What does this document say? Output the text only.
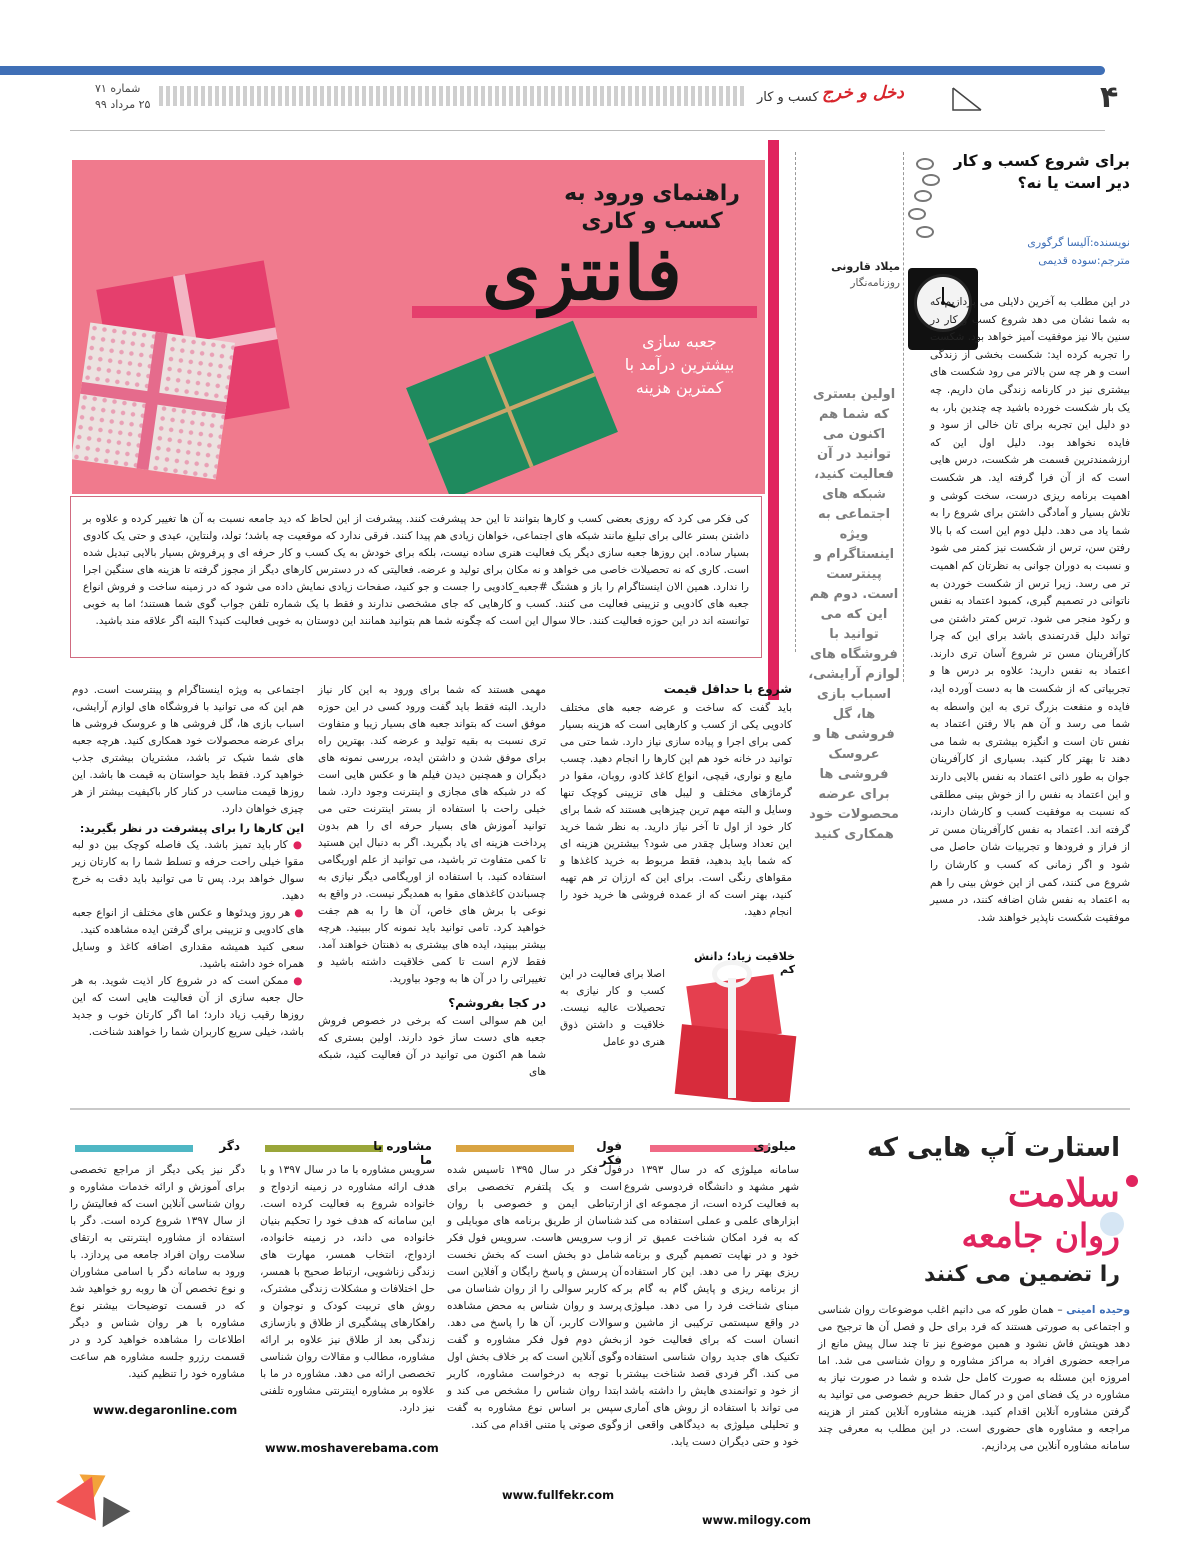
۴
دخل و خرج
کسب و کار
شماره ۷۱
۲۵ مرداد ۹۹
راهنمای ورود به
کسب و کاری
فانتزی
جعبه سازی
بیشترین درآمد با
کمترین هزینه
میلاد قارونی
روزنامه‌نگار
اولین بستری که شما هم اکنون می توانید در آن فعالیت کنید، شبکه های اجتماعی به ویژه اینستاگرام و پینترست است. دوم هم این که می توانید با فروشگاه های لوازم آرایشی، اسباب بازی ها، گل فروشی ها و عروسک فروشی ها برای عرضه محصولات خود همکاری کنید

کی فکر می کرد که روزی بعضی کسب و کارها بتوانند تا این حد پیشرفت کنند. پیشرفت از این لحاظ که دید جامعه نسبت به آن ها تغییر کرده و علاوه بر داشتن بستر عالی برای تبلیغ مانند شبکه های اجتماعی، خواهان زیادی هم پیدا کنند. فرقی ندارد که موقعیت چه باشد؛ تولد، ولنتاین، عیدی و حتی یک کادوی بسیار ساده. این روزها جعبه سازی دیگر یک فعالیت هنری ساده نیست، بلکه برای خودش به یک کسب و کار حرفه ای و پرفروش بسیار بالایی تبدیل شده است. کاری که نه تحصیلات خاصی می خواهد و نه مکان برای تولید و عرضه. فعالیتی که در دسترس کارهای دیگر از مجوز گرفته تا هزینه های سنگین اجرا را ندارد. همین الان اینستاگرام را باز و هشتگ #جعبه_کادویی را جست و جو کنید، صفحات زیادی نمایش داده می شود که در زمینه ساخت و فروش انواع جعبه های کادویی و تزیینی فعالیت می کنند. کسب و کارهایی که جای مشخصی ندارند و فقط با یک شماره تلفن جواب گوی شما هستند؛ اما به خوبی توانسته اند در این حوزه فعالیت کنند. حالا سوال این است که چگونه شما هم بتوانید همانند این دوستان به خوبی فعالیت کنید؟ البته اگر علاقه مند باشید.

شروع با حداقل قیمت

باید گفت که ساخت و عرضه جعبه های مختلف کادویی یکی از کسب و کارهایی است که هزینه بسیار کمی برای اجرا و پیاده سازی نیاز دارد. شما حتی می توانید در خانه خود هم این کارها را انجام دهید. چسب مایع و نواری، قیچی، انواع کاغذ کادو، روبان، مقوا در گرماژهای مختلف و لیبل های تزیینی کوچک تنها وسایل و البته مهم ترین چیزهایی هستند که شما برای کار خود از اول تا آخر نیاز دارید. به نظر شما خرید این تعداد وسایل چقدر می شود؟ بیشترین هزینه ای که شما باید بدهید، فقط مربوط به خرید کاغذها و مقواهای رنگی است. برای این که ارزان تر هم تهیه کنید، بهتر است که از عمده فروشی ها خرید خود را انجام دهید.

خلاقیت زیاد؛ دانش کم

اصلا برای فعالیت در این کسب و کار نیازی به تحصیلات عالیه نیست. خلاقیت و داشتن ذوق هنری دو عامل

مهمی هستند که شما برای ورود به این کار نیاز دارید. البته فقط باید گفت ورود کسی در این حوزه موفق است که بتواند جعبه های بسیار زیبا و متفاوت تری نسبت به بقیه تولید و عرضه کند. بهترین راه برای موفق شدن و داشتن ایده، بررسی نمونه های دیگران و همچنین دیدن فیلم ها و عکس هایی است که در شبکه های مجازی و اینترنت وجود دارد. شما خیلی راحت با استفاده از بستر اینترنت حتی می توانید آموزش های بسیار حرفه ای را هم بدون پرداخت هزینه ای یاد بگیرید. اگر به دنبال این هستید تا کمی متفاوت تر باشید، می توانید از علم اوریگامی استفاده کنید. با استفاده از اوریگامی دیگر نیازی به چسباندن کاغذهای مقوا به همدیگر نیست. در واقع به نوعی با برش های خاص، آن ها را به هم جفت خواهید کرد. تامی توانید باید نمونه کار ببینید. هرچه بیشتر ببینید، ایده های بیشتری به ذهنتان خواهند آمد. فقط لازم است تا کمی خلاقیت داشته باشید و تغییراتی را در آن ها به وجود بیاورید.

در کجا بفروشم؟

این هم سوالی است که برخی در خصوص فروش جعبه های دست ساز خود دارند. اولین بستری که شما هم اکنون می توانید در آن فعالیت کنید، شبکه های

اجتماعی به ویژه اینستاگرام و پینترست است. دوم هم این که می توانید با فروشگاه های لوازم آرایشی، اسباب بازی ها، گل فروشی ها و عروسک فروشی ها برای عرضه محصولات خود همکاری کنید. هرچه جعبه های شما شیک تر باشد، مشتریان بیشتری جذب خواهید کرد. فقط باید حواستان به قیمت ها باشد. این روزها قیمت مناسب در کنار کار باکیفیت بیشتر از هر چیزی خواهان دارد.

این کارها را برای پیشرفت در نظر بگیرید:

● کار باید تمیز باشد. یک فاصله کوچک بین دو لبه مقوا خیلی راحت حرفه و تسلط شما را به کارتان زیر سوال خواهد برد. پس تا می توانید باید دقت به خرج دهید.

● هر روز ویدئوها و عکس های مختلف از انواع جعبه های کادویی و تزیینی برای گرفتن ایده مشاهده کنید.

سعی کنید همیشه مقداری اضافه کاغذ و وسایل همراه خود داشته باشید.

● ممکن است که در شروع کار اذیت شوید. به هر حال جعبه سازی از آن فعالیت هایی است که این روزها رقیب زیاد دارد؛ اما اگر کارتان خوب و جدید باشد، خیلی سریع کاربران شما را خواهند شناخت.

برای شروع کسب و کار
دیر است یا نه؟
نویسنده:آلیسا گرگوری
مترجم:سوده قدیمی

در این مطلب به آخرین دلایلی می پردازیم که به شما نشان می دهد شروع کسب و کار در سنین بالا نیز موفقیت آمیز خواهد بود. شکست را تجربه کرده اید: شکست بخشی از زندگی است و هر چه سن بالاتر می رود شکست های بیشتری نیز در کارنامه زندگی مان داریم. چه یک بار شکست خورده باشید چه چندین بار، به دو دلیل این تجربه برای تان خالی از سود و فایده نخواهد بود. دلیل اول این که ارزشمندترین قسمت هر شکست، درس هایی است که از آن فرا گرفته اید. هر شکست اهمیت برنامه ریزی درست، سخت کوشی و تلاش بسیار و آمادگی داشتن برای شروع را به شما یاد می دهد. دلیل دوم این است که با بالا رفتن سن، ترس از شکست نیز کمتر می شود و نسبت به دوران جوانی به نظرتان کم اهمیت تر می رسد. زیرا ترس از شکست خوردن به ناتوانی در تصمیم گیری، کمبود اعتماد به نفس و رکود منجر می شود. ترس کمتر داشتن می تواند دلیل قدرتمندی باشد برای این که چرا کارآفرینان مسن تر شروع آسان تری دارند. اعتماد به نفس دارید: علاوه بر درس ها و تجربیاتی که از شکست ها به دست آورده اید، فایده و منفعت بزرگ تری به این واسطه به شما می رسد و آن هم بالا رفتن اعتماد به نفس تان است و انگیزه بیشتری به شما می دهند تا بهتر کار کنید. بسیاری از کارآفرینان جوان به طور ذاتی اعتماد به نفس بالایی دارند و این اعتماد به نفس را از خوش بینی مطلقی که نسبت به موفقیت کسب و کارشان دارند، گرفته اند. اعتماد به نفس کارآفرینان مسن تر از فراز و فرودها و تجربیات شان حاصل می شود و اگر زمانی که کسب و کارشان را شروع می کنند، کمی از این خوش بینی را هم به اعتماد به نفس شان اضافه کنند، در مسیر موفقیت شکست ناپذیر خواهند شد.

استارت آپ هایی که
سلامت
روان جامعه
را تضمین می کنند

وحیده امینی – همان طور که می دانیم اغلب موضوعات روان شناسی و اجتماعی به صورتی هستند که فرد برای حل و فصل آن ها ترجیح می دهد هویتش فاش نشود و همین موضوع نیز تا چند سال پیش مانع از مراجعه حضوری افراد به مراکز مشاوره و روان شناسی می شد. اما امروزه این مسئله به صورت کامل حل شده و شما در صورت نیاز به مشاوره در یک فضای امن و در کمال حفظ حریم خصوصی می توانید به گرفتن مشاوره آنلاین اقدام کنید. هزینه مشاوره آنلاین کمتر از هزینه مراجعه و مشاوره های حضوری است. در این مطلب به معرفی چند سامانه مشاوره آنلاین می پردازیم.

میلوژی
سامانه میلوژی که در سال ۱۳۹۳ در شهر مشهد و دانشگاه فردوسی شروع به فعالیت کرده است، از مجموعه ای از ابزارهای علمی و عملی استفاده می کند که به فرد امکان شناخت عمیق تر از خود و در نهایت تصمیم گیری و برنامه ریزی بهتر را می دهد. این کار استفاده از برنامه ریزی و پایش گام به گام بر مبنای شناخت فرد را می دهد. میلوژی در واقع سیستمی ترکیبی از ماشین و انسان است که برای فعالیت خود از تکنیک های جدید روان شناسی استفاده می کند. اگر فردی قصد شناخت بیشتر از خود و توانمندی هایش را داشته باشد می تواند با استفاده از روش های آماری و تحلیلی میلوژی به دیدگاهی واقعی از خود و حتی دیگران دست یابد.
www.milogy.com
فول فکر
فول فکر در سال ۱۳۹۵ تاسیس شده است و یک پلتفرم تخصصی برای ارتباطی ایمن و خصوصی با روان شناسان از طریق برنامه های موبایلی و وب سرویس هاست. سرویس فول فکر شامل دو بخش است که بخش نخست آن پرسش و پاسخ رایگان و آفلاین است که کاربر سوالی را از روان شناسان می پرسد و روان شناس به محض مشاهده سوالات کاربر، آن ها را پاسخ می دهد. بخش دوم فول فکر مشاوره و گفت وگوی آنلاین است که بر خلاف بخش اول با توجه به درخواست مشاوره، کاربر ابتدا روان شناس را مشخص می کند و سپس بر اساس نوع مشاوره به گفت وگوی صوتی یا متنی اقدام می کند.
www.fullfekr.com
مشاوره با ما
سرویس مشاوره با ما در سال ۱۳۹۷ و با هدف ارائه مشاوره در زمینه ازدواج و خانواده شروع به فعالیت کرده است. این سامانه که هدف خود را تحکیم بنیان خانواده می داند، در زمینه خانواده، ازدواج، انتخاب همسر، مهارت های زندگی زناشویی، ارتباط صحیح با همسر، حل اختلافات و مشکلات زندگی مشترک، روش های تربیت کودک و نوجوان و راهکارهای پیشگیری از طلاق و بازسازی زندگی بعد از طلاق نیز علاوه بر ارائه مشاوره، مطالب و مقالات روان شناسی تخصصی ارائه می دهد. مشاوره در ما با علاوه بر مشاوره اینترنتی مشاوره تلفنی نیز دارد.
www.moshaverebama.com
دگر
دگر نیز یکی دیگر از مراجع تخصصی برای آموزش و ارائه خدمات مشاوره و روان شناسی آنلاین است که فعالیتش را از سال ۱۳۹۷ شروع کرده است. دگر با استفاده از مشاوره اینترنتی به ارتقای سلامت روان افراد جامعه می پردازد. با ورود به سامانه دگر با اسامی مشاوران و نوع تخصص آن ها روبه رو خواهید شد که در قسمت توضیحات بیشتر نوع مشاوره با هر روان شناس و دیگر اطلاعات را مشاهده خواهید کرد و در قسمت رزرو جلسه مشاوره هم ساعت مشاوره خود را تنظیم کنید.
www.degaronline.com
